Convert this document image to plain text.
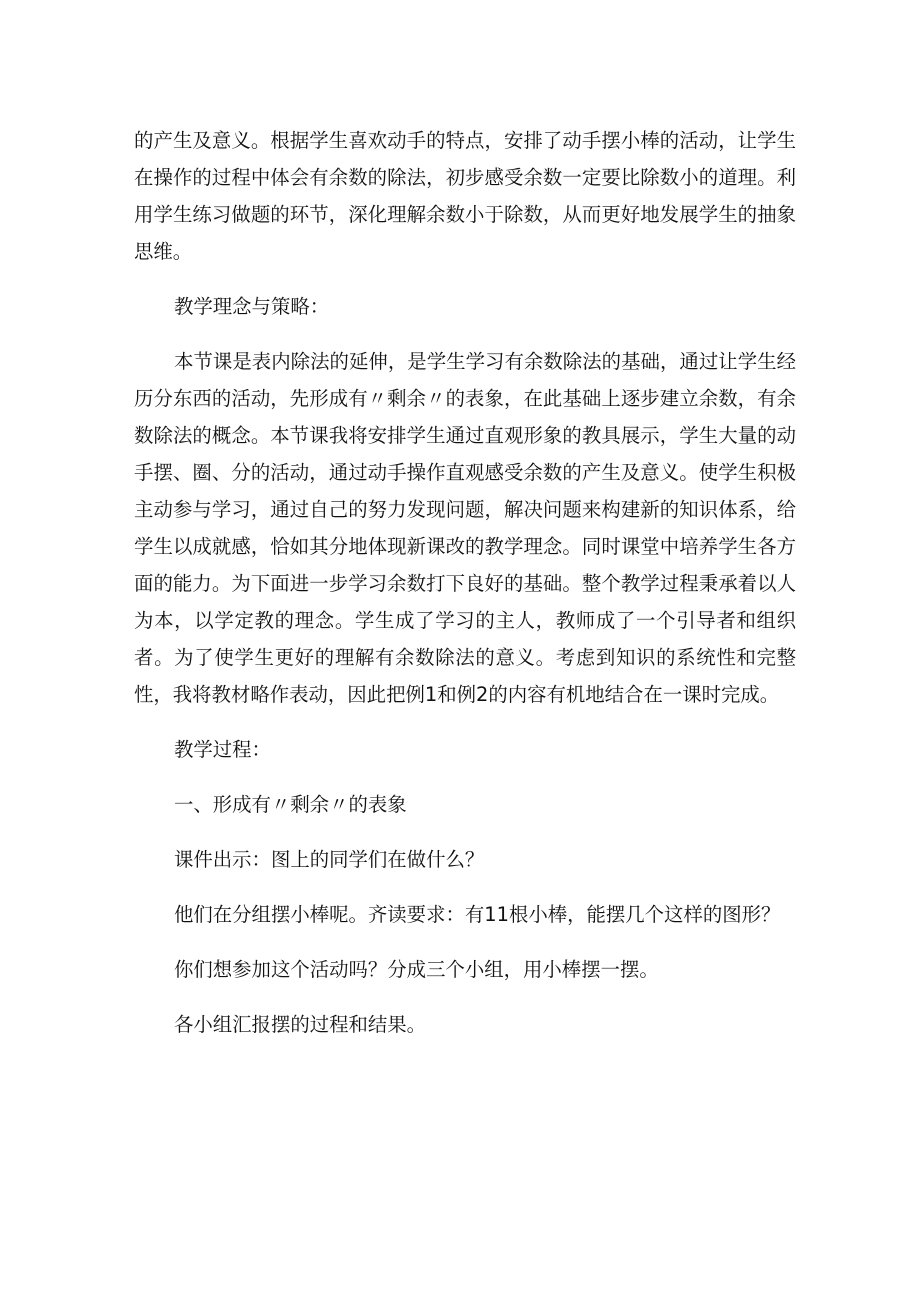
的产生及意义。根据学生喜欢动手的特点，安排了动手摆小棒的活动，让学生在操作的过程中体会有余数的除法，初步感受余数一定要比除数小的道理。利用学生练习做题的环节，深化理解余数小于除数，从而更好地发展学生的抽象思维。

教学理念与策略：

本节课是表内除法的延伸，是学生学习有余数除法的基础，通过让学生经历分东西的活动，先形成有〃剩余〃的表象，在此基础上逐步建立余数，有余数除法的概念。本节课我将安排学生通过直观形象的教具展示，学生大量的动手摆、圈、分的活动，通过动手操作直观感受余数的产生及意义。使学生积极主动参与学习，通过自己的努力发现问题，解决问题来构建新的知识体系，给学生以成就感，恰如其分地体现新课改的教学理念。同时课堂中培养学生各方面的能力。为下面进一步学习余数打下良好的基础。整个教学过程秉承着以人为本，以学定教的理念。学生成了学习的主人，教师成了一个引导者和组织者。为了使学生更好的理解有余数除法的意义。考虑到知识的系统性和完整性，我将教材略作表动，因此把例1和例2的内容有机地结合在一课时完成。

教学过程：

一、形成有〃剩余〃的表象

课件出示：图上的同学们在做什么？

他们在分组摆小棒呢。齐读要求：有11根小棒，能摆几个这样的图形？

你们想参加这个活动吗？分成三个小组，用小棒摆一摆。

各小组汇报摆的过程和结果。
